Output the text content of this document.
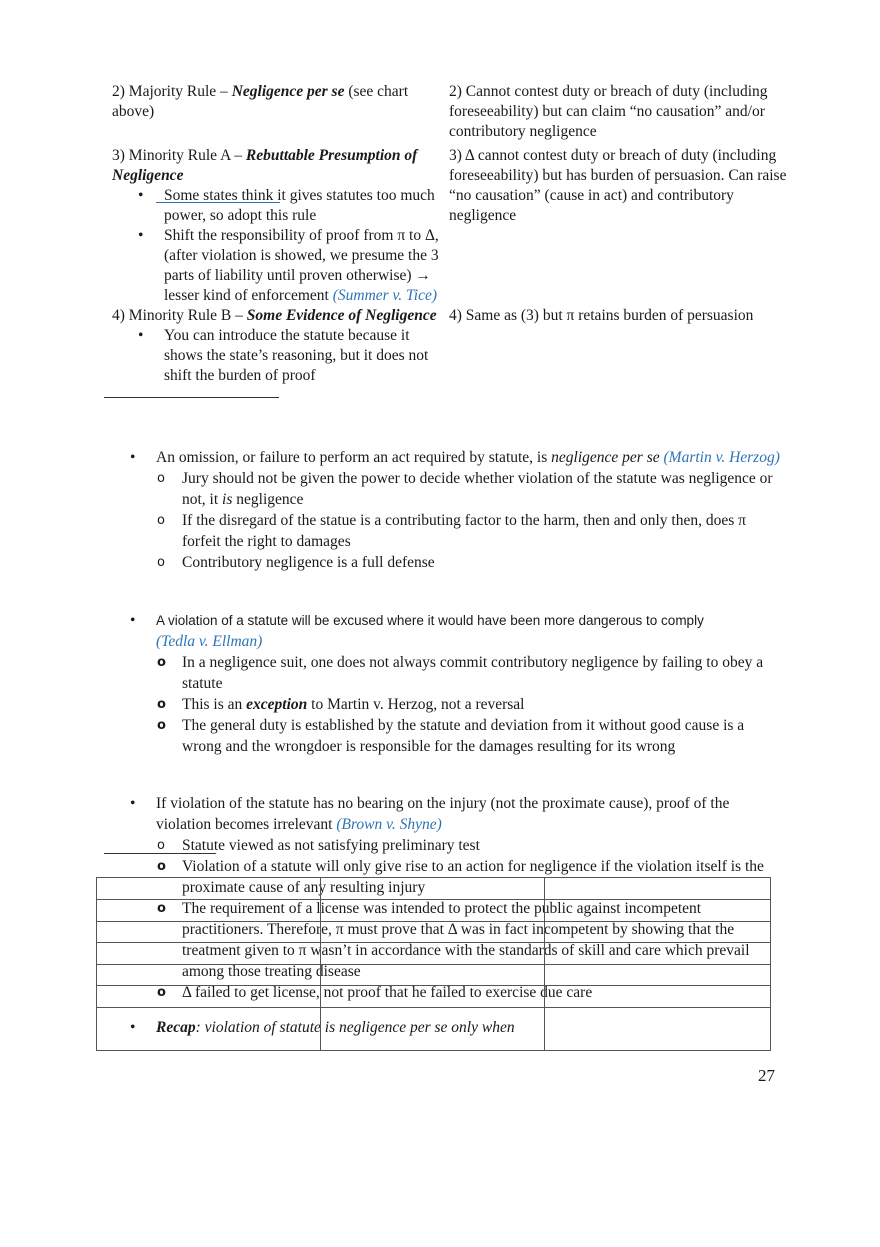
2) Majority Rule – Negligence per se (see chart above)

2) Cannot contest duty or breach of duty (including foreseeability) but can claim “no causation” and/or contributory negligence

3) Minority Rule A – Rebuttable Presumption of Negligence

• Some states think it gives statutes too much power, so adopt this rule
• Shift the responsibility of proof from π to Δ, (after violation is showed, we presume the 3 parts of liability until proven otherwise) → lesser kind of enforcement (Summer v. Tice)

3) Δ cannot contest duty or breach of duty (including foreseeability) but has burden of persuasion. Can raise “no causation” (cause in act) and contributory negligence

4) Minority Rule B – Some Evidence of Negligence

• You can introduce the statute because it shows the state’s reasoning, but it does not shift the burden of proof

4) Same as (3) but π retains burden of persuasion

• An omission, or failure to perform an act required by statute, is negligence per se (Martin v. Herzog)
o Jury should not be given the power to decide whether violation of the statute was negligence or not, it is negligence
o If the disregard of the statue is a contributing factor to the harm, then and only then, does π forfeit the right to damages
o Contributory negligence is a full defense
• A violation of a statute will be excused where it would have been more dangerous to comply
(Tedla v. Ellman)
o In a negligence suit, one does not always commit contributory negligence by failing to obey a statute
o This is an exception to Martin v. Herzog, not a reversal
o The general duty is established by the statute and deviation from it without good cause is a wrong and the wrongdoer is responsible for the damages resulting for its wrong
• If violation of the statute has no bearing on the injury (not the proximate cause), proof of the violation becomes irrelevant (Brown v. Shyne)
o Statute viewed as not satisfying preliminary test
o Violation of a statute will only give rise to an action for negligence if the violation itself is the proximate cause of any resulting injury
o The requirement of a license was intended to protect the public against incompetent practitioners. Therefore, π must prove that Δ was in fact incompetent by showing that the treatment given to π wasn’t in accordance with the standards of skill and care which prevail among those treating disease
o Δ failed to get license, not proof that he failed to exercise due care
• Recap: violation of statute is negligence per se only when
27
